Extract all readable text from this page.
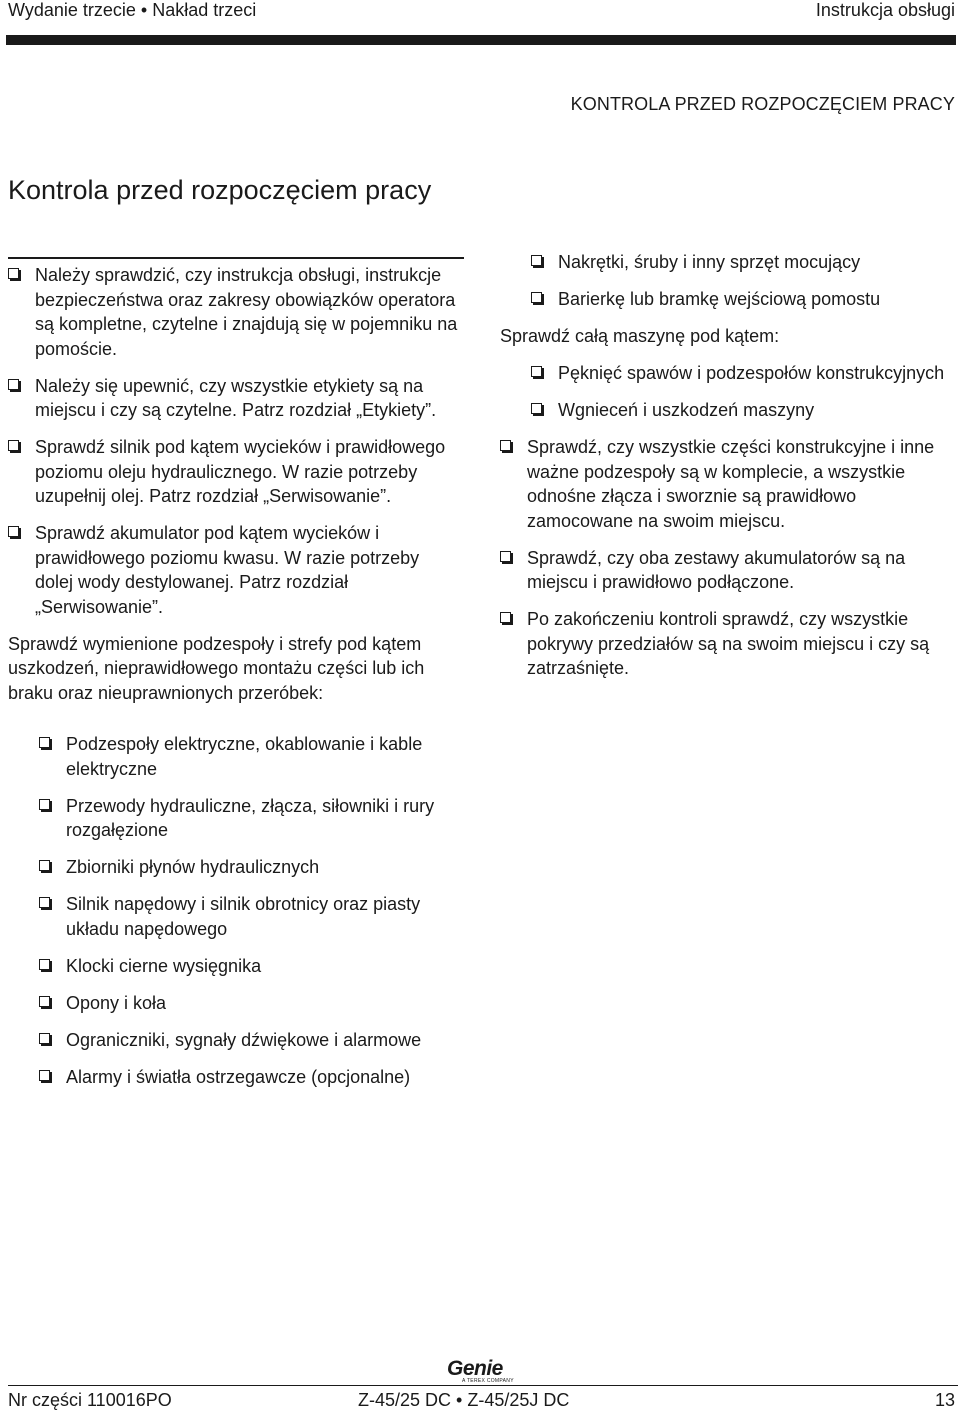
Wydanie trzecie • Nakład trzeci	Instrukcja obsługi
KONTROLA PRZED ROZPOCZĘCIEM PRACY
Kontrola przed rozpoczęciem pracy
Należy sprawdzić, czy instrukcja obsługi, instrukcje bezpieczeństwa oraz zakresy obowiązków operatora są kompletne, czytelne i znajdują się w pojemniku na pomoście.
Należy się upewnić, czy wszystkie etykiety są na miejscu i czy są czytelne. Patrz rozdział „Etykiety”.
Sprawdź silnik pod kątem wycieków i prawidłowego poziomu oleju hydraulicznego. W razie potrzeby uzupełnij olej. Patrz rozdział „Serwisowanie”.
Sprawdź akumulator pod kątem wycieków i prawidłowego poziomu kwasu. W razie potrzeby dolej wody destylowanej. Patrz rozdział „Serwisowanie”.
Sprawdź wymienione podzespoły i strefy pod kątem uszkodzeń, nieprawidłowego montażu części lub ich braku oraz nieuprawnionych przeróbek:
Podzespoły elektryczne, okablowanie i kable elektryczne
Przewody hydrauliczne, złącza, siłowniki i rury rozgałęzione
Zbiorniki płynów hydraulicznych
Silnik napędowy i silnik obrotnicy oraz piasty układu napędowego
Klocki cierne wysięgnika
Opony i koła
Ograniczniki, sygnały dźwiękowe i alarmowe
Alarmy i światła ostrzegawcze (opcjonalne)
Nakrętki, śruby i inny sprzęt mocujący
Barierkę lub bramkę wejściową pomostu
Sprawdź całą maszynę pod kątem:
Pęknięć spawów i podzespołów konstrukcyjnych
Wgnieceń i uszkodzeń maszyny
Sprawdź, czy wszystkie części konstrukcyjne i inne ważne podzespoły są w komplecie, a wszystkie odnośne złącza i sworznie są prawidłowo zamocowane na swoim miejscu.
Sprawdź, czy oba zestawy akumulatorów są na miejscu i prawidłowo podłączone.
Po zakończeniu kontroli sprawdź, czy wszystkie pokrywy przedziałów są na swoim miejscu i czy są zatrzaśnięte.
Genie
A TEREX COMPANY
Nr części 110016PO	Z-45/25 DC • Z-45/25J DC	13
